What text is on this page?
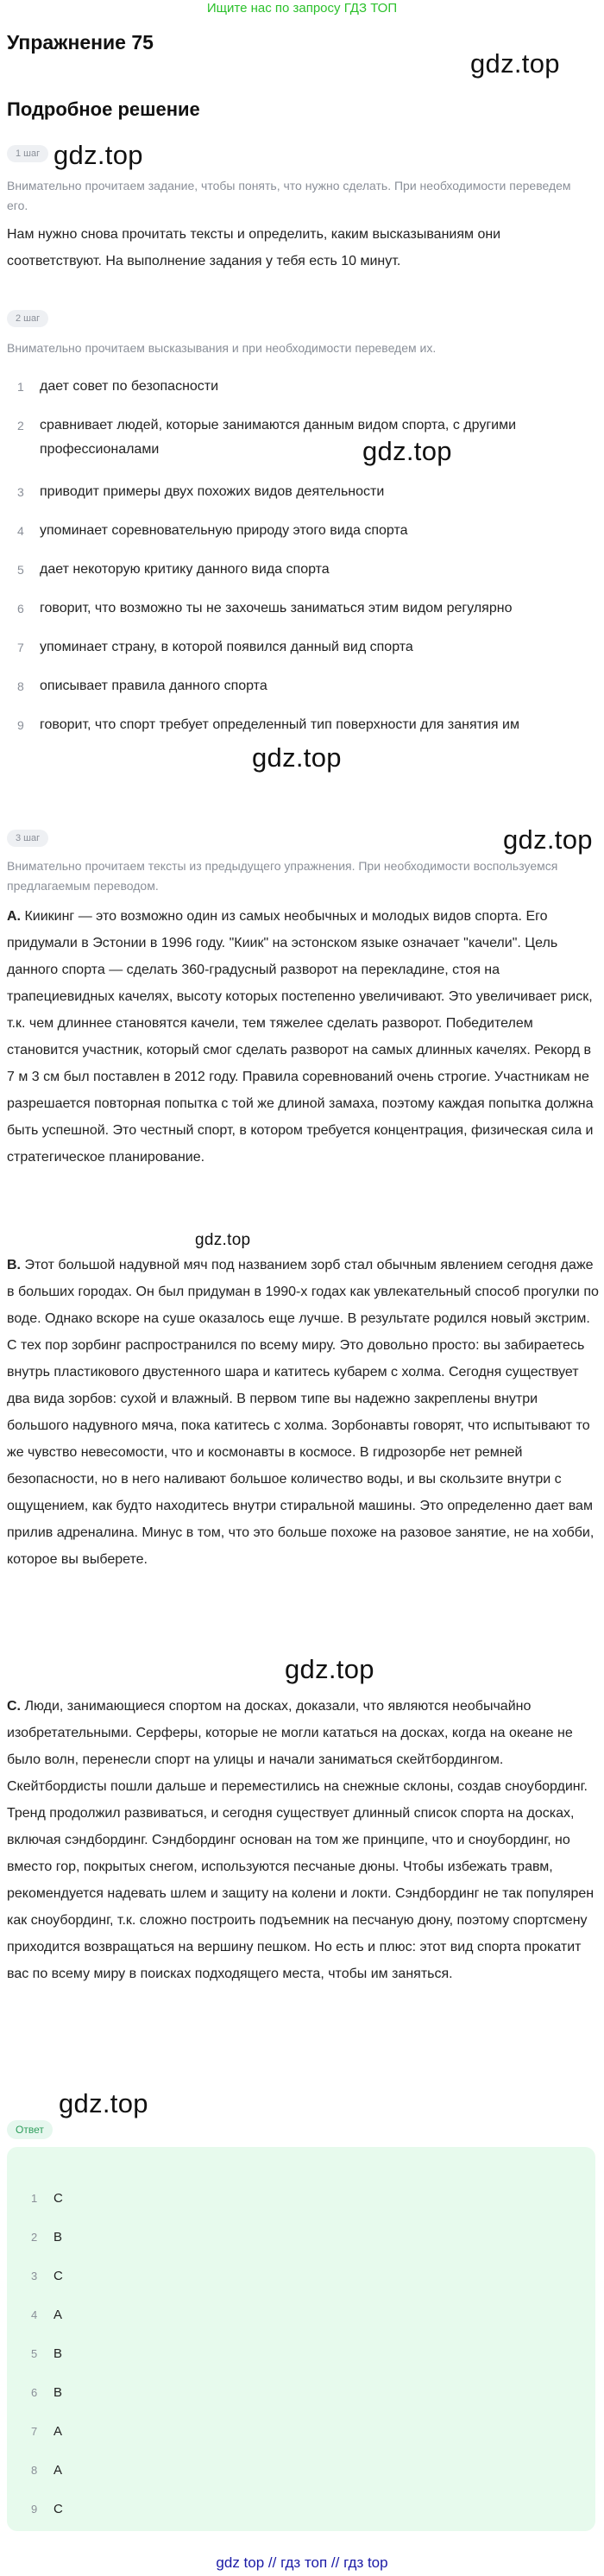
Ищите нас по запросу ГДЗ ТОП
Упражнение 75
Подробное решение
gdz.top
gdz.top
gdz.top
gdz.top
gdz.top
gdz.top
gdz.top
gdz.top
1 шаг
Внимательно прочитаем задание, чтобы понять, что нужно сделать. При необходимости переведем его.
Нам нужно снова прочитать тексты и определить, каким высказываниям они соответствуют. На выполнение задания у тебя есть 10 минут.
2 шаг
Внимательно прочитаем высказывания и при необходимости переведем их.
1 дает совет по безопасности
2 сравнивает людей, которые занимаются данным видом спорта, с другими профессионалами
3 приводит примеры двух похожих видов деятельности
4 упоминает соревновательную природу этого вида спорта
5 дает некоторую критику данного вида спорта
6 говорит, что возможно ты не захочешь заниматься этим видом регулярно
7 упоминает страну, в которой появился данный вид спорта
8 описывает правила данного спорта
9 говорит, что спорт требует определенный тип поверхности для занятия им
3 шаг
Внимательно прочитаем тексты из предыдущего упражнения. При необходимости воспользуемся предлагаемым переводом.
A. Киикинг — это возможно один из самых необычных и молодых видов спорта. Его придумали в Эстонии в 1996 году. "Киик" на эстонском языке означает "качели". Цель данного спорта — сделать 360-градусный разворот на перекладине, стоя на трапециевидных качелях, высоту которых постепенно увеличивают. Это увеличивает риск, т.к. чем длиннее становятся качели, тем тяжелее сделать разворот. Победителем становится участник, который смог сделать разворот на самых длинных качелях. Рекорд в 7 м 3 см был поставлен в 2012 году. Правила соревнований очень строгие. Участникам не разрешается повторная попытка с той же длиной замаха, поэтому каждая попытка должна быть успешной. Это честный спорт, в котором требуется концентрация, физическая сила и стратегическое планирование.
B. Этот большой надувной мяч под названием зорб стал обычным явлением сегодня даже в больших городах. Он был придуман в 1990-х годах как увлекательный способ прогулки по воде. Однако вскоре на суше оказалось еще лучше. В результате родился новый экстрим. С тех пор зорбинг распространился по всему миру. Это довольно просто: вы забираетесь внутрь пластикового двустенного шара и катитесь кубарем с холма. Сегодня существует два вида зорбов: сухой и влажный. В первом типе вы надежно закреплены внутри большого надувного мяча, пока катитесь с холма. Зорбонавты говорят, что испытывают то же чувство невесомости, что и космонавты в космосе. В гидрозорбе нет ремней безопасности, но в него наливают большое количество воды, и вы скользите внутри с ощущением, как будто находитесь внутри стиральной машины. Это определенно дает вам прилив адреналина. Минус в том, что это больше похоже на разовое занятие, не на хобби, которое вы выберете.
C. Люди, занимающиеся спортом на досках, доказали, что являются необычайно изобретательными. Серферы, которые не могли кататься на досках, когда на океане не было волн, перенесли спорт на улицы и начали заниматься скейтбордингом. Скейтбордисты пошли дальше и переместились на снежные склоны, создав сноубординг. Тренд продолжил развиваться, и сегодня существует длинный список спорта на досках, включая сэндбординг. Сэндбординг основан на том же принципе, что и сноубординг, но вместо гор, покрытых снегом, используются песчаные дюны. Чтобы избежать травм, рекомендуется надевать шлем и защиту на колени и локти. Сэндбординг не так популярен как сноубординг, т.к. сложно построить подъемник на песчаную дюну, поэтому спортсмену приходится возвращаться на вершину пешком. Но есть и плюс: этот вид спорта прокатит вас по всему миру в поисках подходящего места, чтобы им заняться.
Ответ
1 C
2 B
3 C
4 A
5 B
6 B
7 A
8 A
9 C
gdz top // гдз топ // гдз top
